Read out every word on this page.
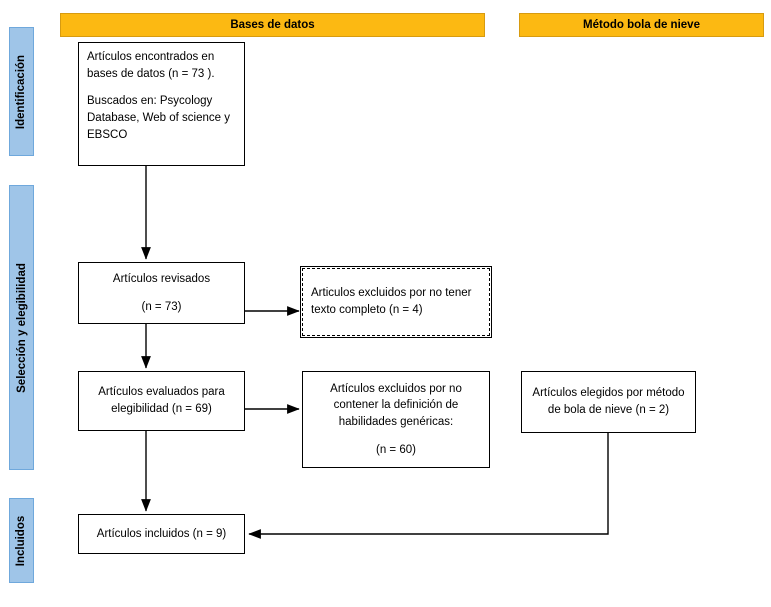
Bases de datos	Método bola de nieve
Identificación
Selección y elegibilidad
Incluidos

Artículos encontrados en bases de datos (n = 73 ).

Buscados en: Psycology Database, Web of science y EBSCO

Artículos revisados

(n = 73)

Articulos excluidos por no tener texto completo (n = 4)

Artículos evaluados para elegibilidad (n = 69)

Artículos excluidos por no contener la definición de habilidades genéricas:

(n = 60)

Artículos elegidos por método de bola de nieve (n = 2)

Artículos incluidos (n = 9)
